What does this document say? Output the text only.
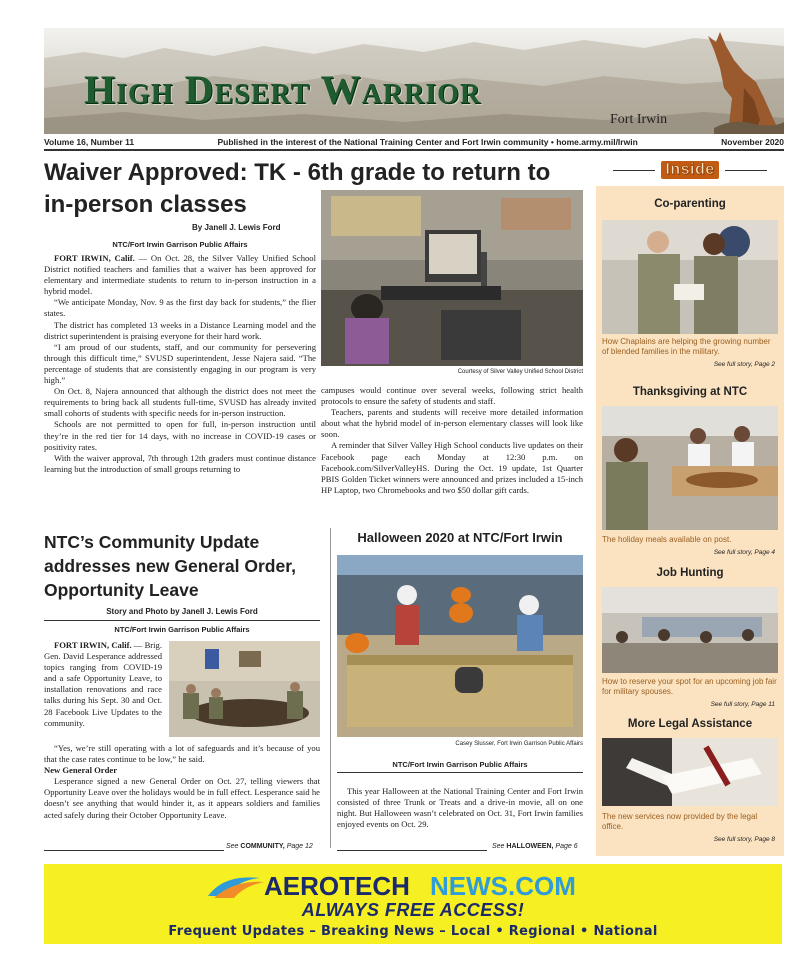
High Desert Warrior
Fort Irwin
Volume 16, Number 11	Published in the interest of the National Training Center and Fort Irwin community • home.army.mil/Irwin	November 2020
Waiver Approved: TK - 6th grade to return to in-person classes
By Janell J. Lewis Ford
NTC/Fort Irwin Garrison Public Affairs

FORT IRWIN, Calif. — On Oct. 28, the Silver Valley Unified School District notified teachers and families that a waiver has been approved for elementary and intermediate students to return to in-person instruction in a hybrid model.

“We anticipate Monday, Nov. 9 as the first day back for students,” the flier states.

The district has completed 13 weeks in a Distance Learning model and the district superintendent is praising everyone for their hard work.

“I am proud of our students, staff, and our community for persevering through this difficult time,” SVUSD superintendent, Jesse Najera said. “The percentage of students that are consistently engaging in our program is very high.”

On Oct. 8, Najera announced that although the district does not meet the requirements to bring back all students full-time, SVUSD has already invited small cohorts of students with specific needs for in-person instruction.

Schools are not permitted to open for full, in-person instruction until they’re in the red tier for 14 days, with no increase in COVID-19 cases or positivity rates.

With the waiver approval, 7th through 12th graders must continue distance learning but the introduction of small groups returning to

Courtesy of Silver Valley Unified School District

campuses would continue over several weeks, following strict health protocols to ensure the safety of students and staff.

Teachers, parents and students will receive more detailed information about what the hybrid model of in-person elementary classes will look like soon.

A reminder that Silver Valley High School conducts live updates on their Facebook page each Monday at 12:30 p.m. on Facebook.com/SilverValleyHS. During the Oct. 19 update, 1st Quarter PBIS Golden Ticket winners were announced and prizes included a 15-inch HP Laptop, two Chromebooks and two $50 dollar gift cards.

NTC’s Community Update addresses new General Order, Opportunity Leave
Story and Photo by Janell J. Lewis Ford
NTC/Fort Irwin Garrison Public Affairs

FORT IRWIN, Calif. — Brig. Gen. David Lesperance addressed topics ranging from COVID-19 and a safe Opportunity Leave, to installation renovations and race talks during his Sept. 30 and Oct. 28 Facebook Live Updates to the community.

“Yes, we’re still operating with a lot of safeguards and it’s because of you that the case rates continue to be low,” he said.

New General Order

Lesperance signed a new General Order on Oct. 27, telling viewers that Opportunity Leave over the holidays would be in full effect. Lesperance said he doesn’t see anything that would hinder it, as it appears soldiers and families acted safely during their October Opportunity Leave.

See COMMUNITY, Page 12
Halloween 2020 at NTC/Fort Irwin
Casey Slusser, Fort Irwin Garrison Public Affairs
NTC/Fort Irwin Garrison Public Affairs

This year Halloween at the National Training Center and Fort Irwin consisted of three Trunk or Treats and a drive-in movie, all on one night. But Halloween wasn’t celebrated on Oct. 31, Fort Irwin families enjoyed events on Oct. 29.

See HALLOWEEN, Page 6
Inside
Co-parenting
How Chaplains are helping the growing number of blended families in the military.
See full story, Page 2
Thanksgiving at NTC
The holiday meals available on post.
See full story, Page 4
Job Hunting
How to reserve your spot for an upcoming job fair for military spouses.
See full story, Page 11
More Legal Assistance
The new services now provided by the legal office.
See full story, Page 8
AEROTECH NEWS.COM
ALWAYS FREE ACCESS!
Frequent Updates – Breaking News – Local • Regional • National
